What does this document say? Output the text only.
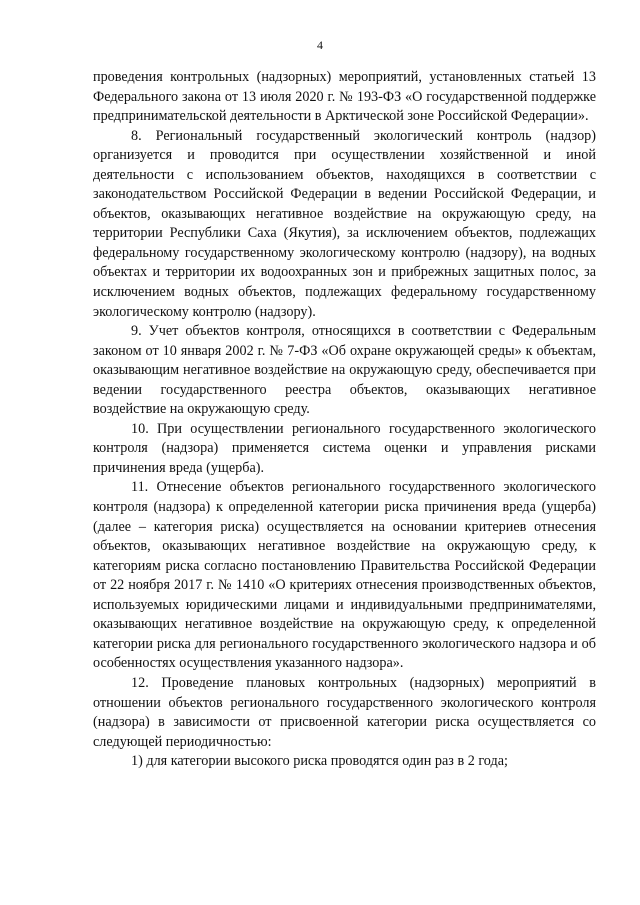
4

проведения контрольных (надзорных) мероприятий, установленных статьей 13 Федерального закона от 13 июля 2020 г. № 193-ФЗ «О государственной поддержке предпринимательской деятельности в Арктической зоне Российской Федерации».

8. Региональный государственный экологический контроль (надзор) организуется и проводится при осуществлении хозяйственной и иной деятельности с использованием объектов, находящихся в соответствии с законодательством Российской Федерации в ведении Российской Федерации, и объектов, оказывающих негативное воздействие на окружающую среду, на территории Республики Саха (Якутия), за исключением объектов, подлежащих федеральному государственному экологическому контролю (надзору), на водных объектах и территории их водоохранных зон и прибрежных защитных полос, за исключением водных объектов, подлежащих федеральному государственному экологическому контролю (надзору).

9. Учет объектов контроля, относящихся в соответствии с Федеральным законом от 10 января 2002 г. № 7-ФЗ «Об охране окружающей среды» к объектам, оказывающим негативное воздействие на окружающую среду, обеспечивается при ведении государственного реестра объектов, оказывающих негативное воздействие на окружающую среду.

10. При осуществлении регионального государственного экологического контроля (надзора) применяется система оценки и управления рисками причинения вреда (ущерба).

11. Отнесение объектов регионального государственного экологического контроля (надзора) к определенной категории риска причинения вреда (ущерба) (далее – категория риска) осуществляется на основании критериев отнесения объектов, оказывающих негативное воздействие на окружающую среду, к категориям риска согласно постановлению Правительства Российской Федерации от 22 ноября 2017 г. № 1410 «О критериях отнесения производственных объектов, используемых юридическими лицами и индивидуальными предпринимателями, оказывающих негативное воздействие на окружающую среду, к определенной категории риска для регионального государственного экологического надзора и об особенностях осуществления указанного надзора».

12. Проведение плановых контрольных (надзорных) мероприятий в отношении объектов регионального государственного экологического контроля (надзора) в зависимости от присвоенной категории риска осуществляется со следующей периодичностью:

1) для категории высокого риска проводятся один раз в 2 года;
